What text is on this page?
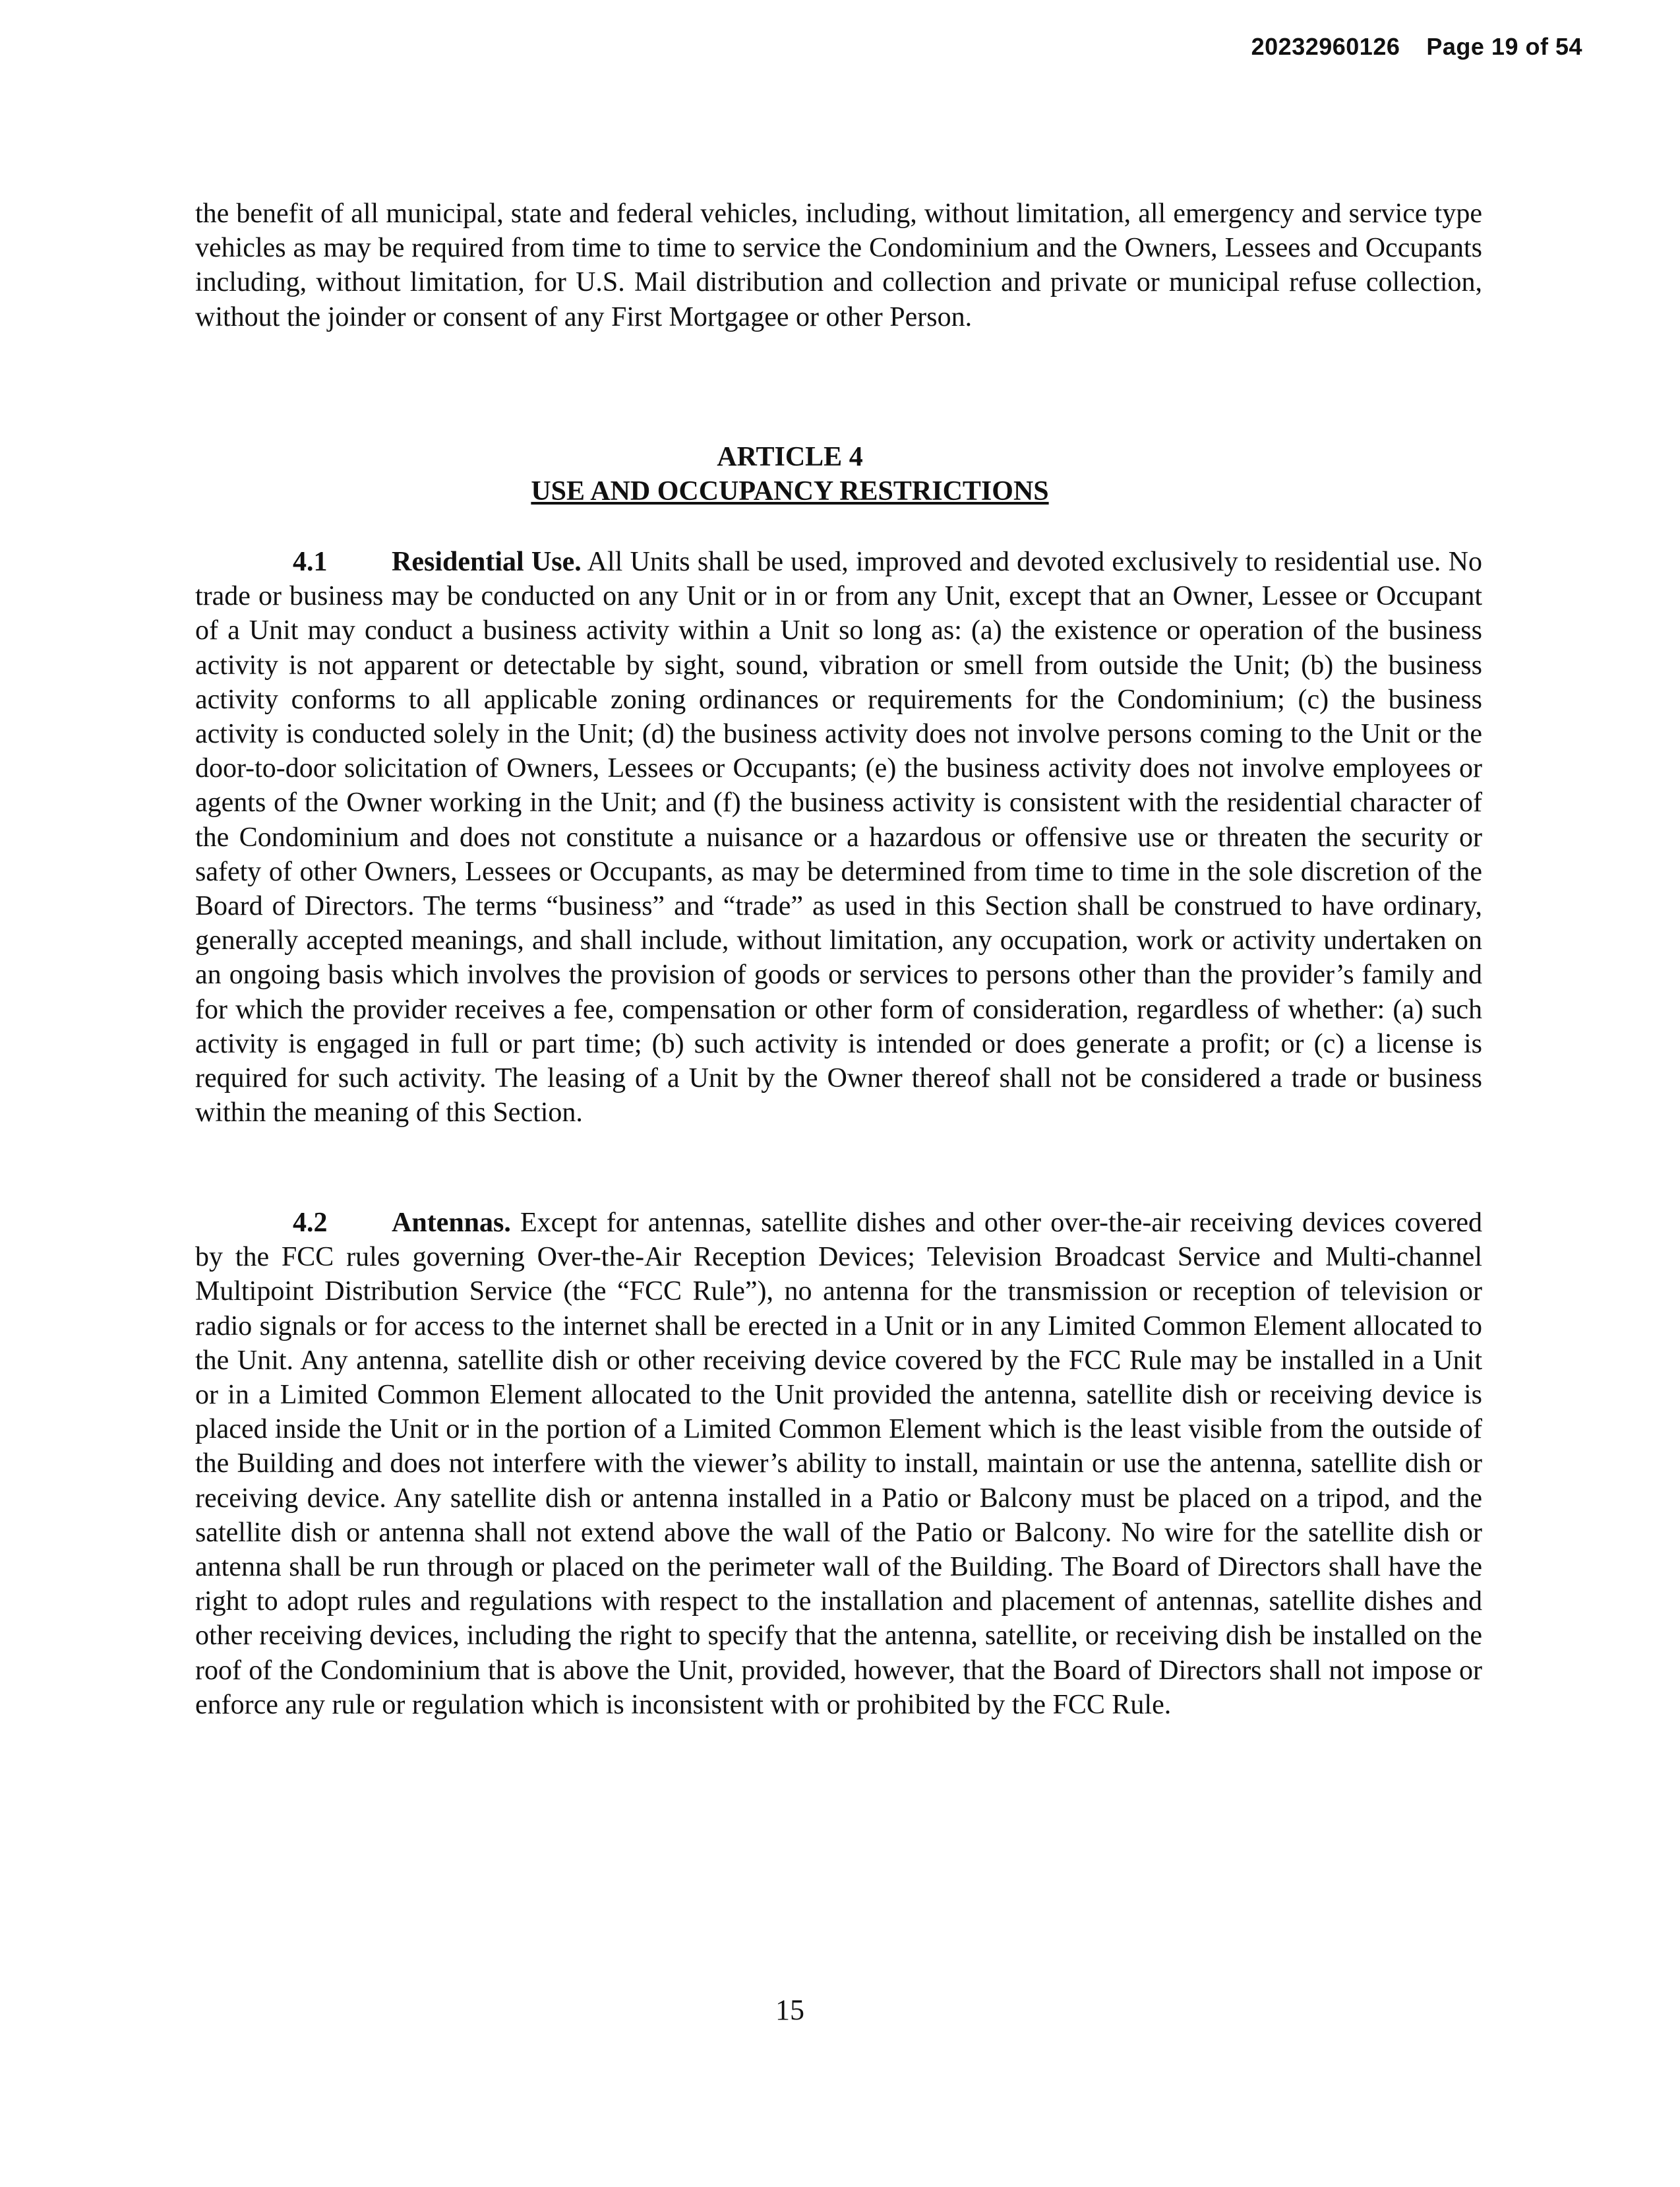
20232960126 Page 19 of 54

the benefit of all municipal, state and federal vehicles, including, without limitation, all emergency and service type vehicles as may be required from time to time to service the Condominium and the Owners, Lessees and Occupants including, without limitation, for U.S. Mail distribution and collection and private or municipal refuse collection, without the joinder or consent of any First Mortgagee or other Person.

ARTICLE 4
USE AND OCCUPANCY RESTRICTIONS

4.1 Residential Use. All Units shall be used, improved and devoted exclusively to residential use. No trade or business may be conducted on any Unit or in or from any Unit, except that an Owner, Lessee or Occupant of a Unit may conduct a business activity within a Unit so long as: (a) the existence or operation of the business activity is not apparent or detectable by sight, sound, vibration or smell from outside the Unit; (b) the business activity conforms to all applicable zoning ordinances or requirements for the Condominium; (c) the business activity is conducted solely in the Unit; (d) the business activity does not involve persons coming to the Unit or the door-to-door solicitation of Owners, Lessees or Occupants; (e) the business activity does not involve employees or agents of the Owner working in the Unit; and (f) the business activity is consistent with the residential character of the Condominium and does not constitute a nuisance or a hazardous or offensive use or threaten the security or safety of other Owners, Lessees or Occupants, as may be determined from time to time in the sole discretion of the Board of Directors. The terms “business” and “trade” as used in this Section shall be construed to have ordinary, generally accepted meanings, and shall include, without limitation, any occupation, work or activity undertaken on an ongoing basis which involves the provision of goods or services to persons other than the provider’s family and for which the provider receives a fee, compensation or other form of consideration, regardless of whether: (a) such activity is engaged in full or part time; (b) such activity is intended or does generate a profit; or (c) a license is required for such activity. The leasing of a Unit by the Owner thereof shall not be considered a trade or business within the meaning of this Section.

4.2 Antennas. Except for antennas, satellite dishes and other over-the-air receiving devices covered by the FCC rules governing Over-the-Air Reception Devices; Television Broadcast Service and Multi-channel Multipoint Distribution Service (the “FCC Rule”), no antenna for the transmission or reception of television or radio signals or for access to the internet shall be erected in a Unit or in any Limited Common Element allocated to the Unit. Any antenna, satellite dish or other receiving device covered by the FCC Rule may be installed in a Unit or in a Limited Common Element allocated to the Unit provided the antenna, satellite dish or receiving device is placed inside the Unit or in the portion of a Limited Common Element which is the least visible from the outside of the Building and does not interfere with the viewer’s ability to install, maintain or use the antenna, satellite dish or receiving device. Any satellite dish or antenna installed in a Patio or Balcony must be placed on a tripod, and the satellite dish or antenna shall not extend above the wall of the Patio or Balcony. No wire for the satellite dish or antenna shall be run through or placed on the perimeter wall of the Building. The Board of Directors shall have the right to adopt rules and regulations with respect to the installation and placement of antennas, satellite dishes and other receiving devices, including the right to specify that the antenna, satellite, or receiving dish be installed on the roof of the Condominium that is above the Unit, provided, however, that the Board of Directors shall not impose or enforce any rule or regulation which is inconsistent with or prohibited by the FCC Rule.

15
